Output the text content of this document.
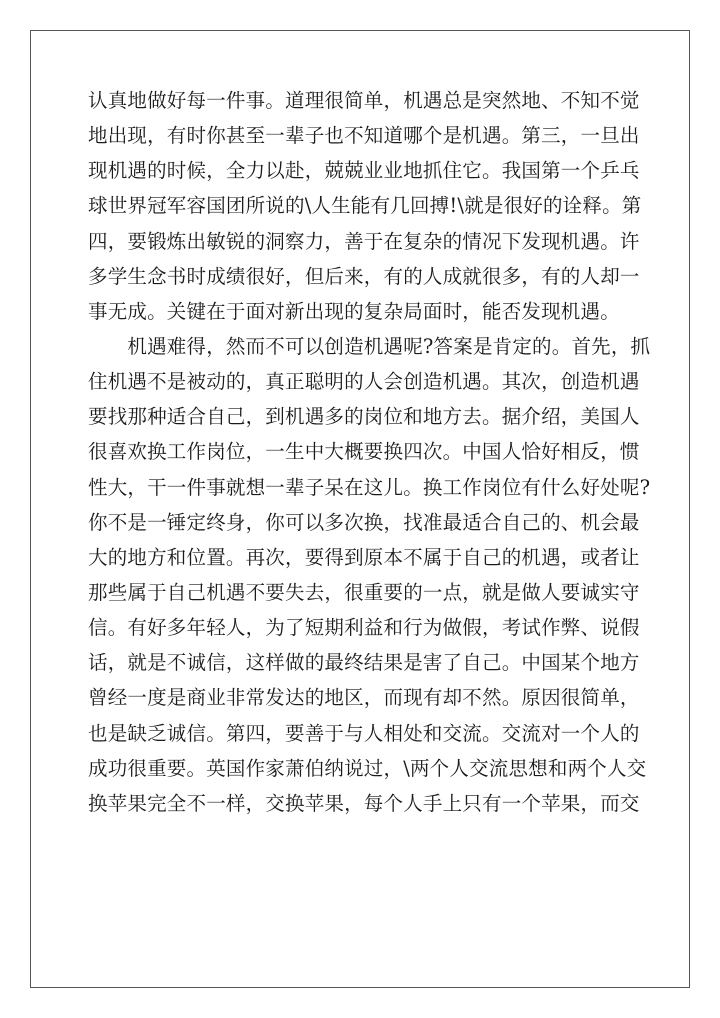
认真地做好每一件事。道理很简单，机遇总是突然地、不知不觉
地出现，有时你甚至一辈子也不知道哪个是机遇。第三，一旦出
现机遇的时候，全力以赴，兢兢业业地抓住它。我国第一个乒乓
球世界冠军容国团所说的\人生能有几回搏!\就是很好的诠释。第
四，要锻炼出敏锐的洞察力，善于在复杂的情况下发现机遇。许
多学生念书时成绩很好，但后来，有的人成就很多，有的人却一
事无成。关键在于面对新出现的复杂局面时，能否发现机遇。
　　机遇难得，然而不可以创造机遇呢?答案是肯定的。首先，抓
住机遇不是被动的，真正聪明的人会创造机遇。其次，创造机遇
要找那种适合自己，到机遇多的岗位和地方去。据介绍，美国人
很喜欢换工作岗位，一生中大概要换四次。中国人恰好相反，惯
性大，干一件事就想一辈子呆在这儿。换工作岗位有什么好处呢?
你不是一锤定终身，你可以多次换，找准最适合自己的、机会最
大的地方和位置。再次，要得到原本不属于自己的机遇，或者让
那些属于自己机遇不要失去，很重要的一点，就是做人要诚实守
信。有好多年轻人，为了短期利益和行为做假，考试作弊、说假
话，就是不诚信，这样做的最终结果是害了自己。中国某个地方
曾经一度是商业非常发达的地区，而现有却不然。原因很简单，
也是缺乏诚信。第四，要善于与人相处和交流。交流对一个人的
成功很重要。英国作家萧伯纳说过，\两个人交流思想和两个人交
换苹果完全不一样，交换苹果，每个人手上只有一个苹果，而交
